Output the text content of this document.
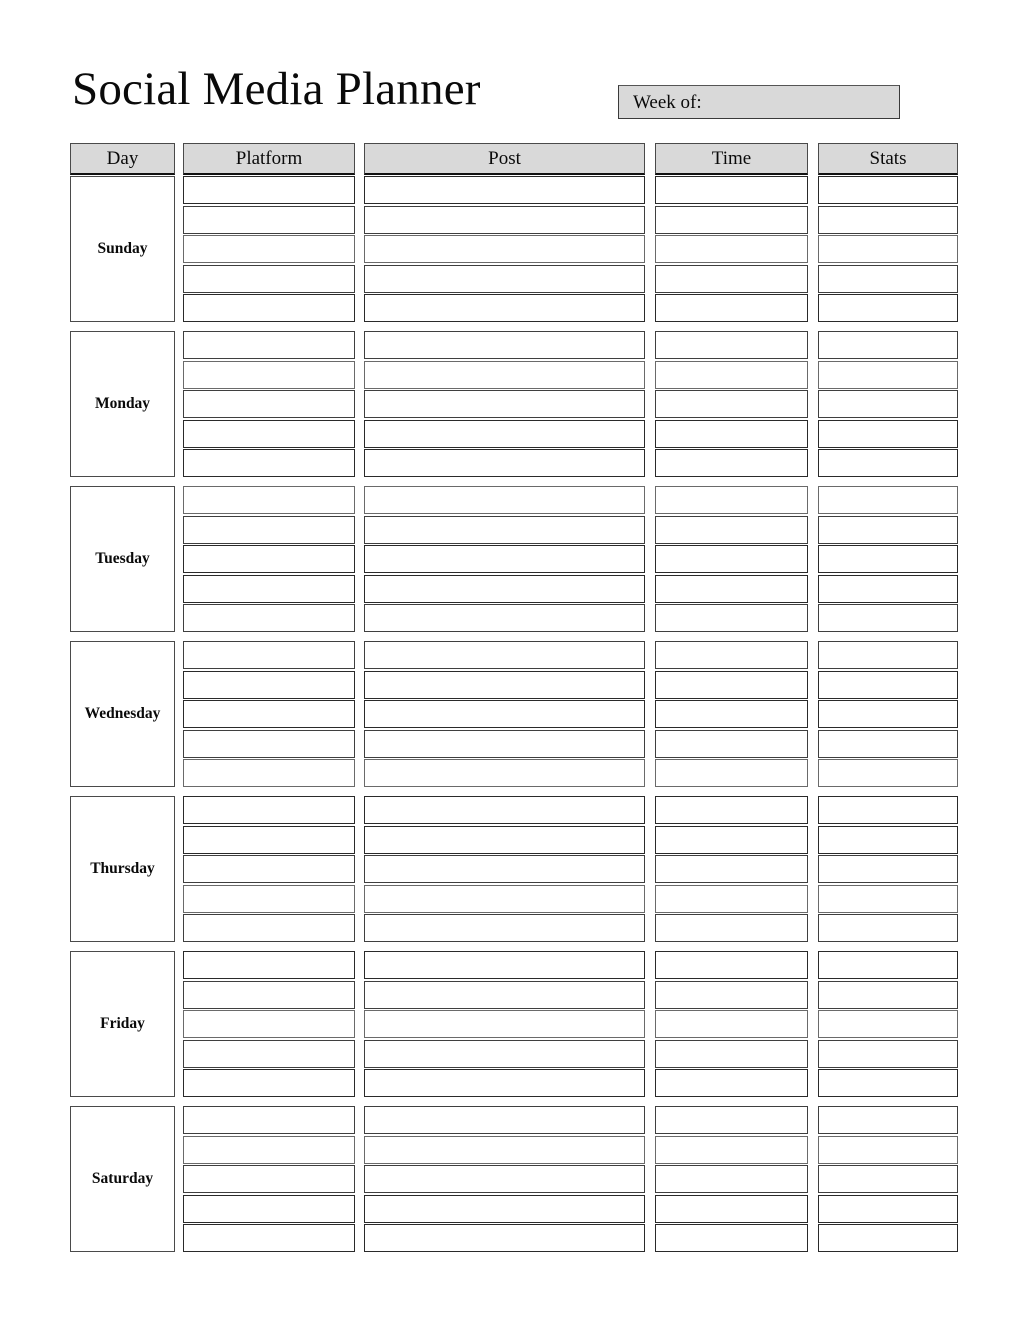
Social Media Planner	Week of:
Day	Platform	Post	Time	Stats
Sunday
Monday
Tuesday
Wednesday
Thursday
Friday
Saturday
